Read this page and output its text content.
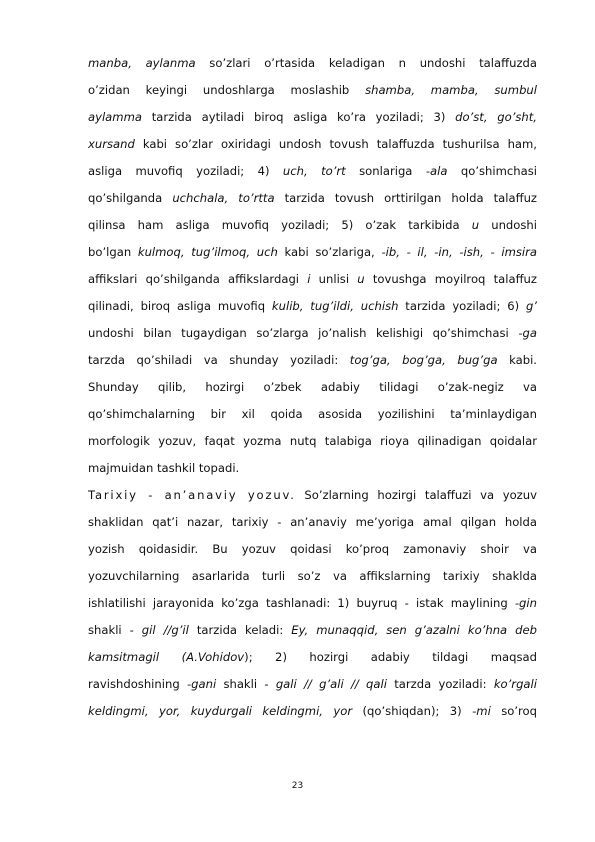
manba, aylanma so’zlari o’rtasida keladigan n undoshi talaffuzda
o’zidan keyingi undoshlarga moslashib shamba, mamba, sumbul
aylamma tarzida aytiladi biroq asliga ko’ra yoziladi; 3) do’st, go’sht,
xursand kabi so’zlar oxiridagi undosh tovush talaffuzda tushurilsa ham,
asliga muvofiq yoziladi; 4) uch, to’rt sonlariga -ala qo’shimchasi
qo’shilganda uchchala, to’rtta tarzida tovush orttirilgan holda talaffuz
qilinsa ham asliga muvofiq yoziladi; 5) o’zak tarkibida u undoshi
bo’lgan kulmoq, tug’ilmoq, uch kabi so’zlariga, -ib, - il, -in, -ish, - imsira
affikslari qo’shilganda affikslardagi i unlisi u tovushga moyilroq talaffuz
qilinadi, biroq asliga muvofiq kulib, tug’ildi, uchish tarzida yoziladi; 6) g’
undoshi bilan tugaydigan so’zlarga jo’nalish kelishigi qo’shimchasi -ga
tarzda qo’shiladi va shunday yoziladi: tog’ga, bog’ga, bug’ga kabi.
Shunday qilib, hozirgi o’zbek adabiy tilidagi o’zak-negiz va
qo’shimchalarning bir xil qoida asosida yozilishini ta’minlaydigan
morfologik yozuv, faqat yozma nutq talabiga rioya qilinadigan qoidalar
majmuidan tashkil topadi.
Tarixiy - an’anaviy yozuv. So’zlarning hozirgi talaffuzi va yozuv
shaklidan qat’i nazar, tarixiy - an’anaviy me’yoriga amal qilgan holda
yozish qoidasidir. Bu yozuv qoidasi ko’proq zamonaviy shoir va
yozuvchilarning asarlarida turli so’z va affikslarning tarixiy shaklda
ishlatilishi jarayonida ko’zga tashlanadi: 1) buyruq - istak maylining -gin
shakli - gil //g’il tarzida keladi: Ey, munaqqid, sen g’azalni ko’hna deb
kamsitmagil (A.Vohidov); 2) hozirgi adabiy tildagi maqsad
ravishdoshining -gani shakli - gali // g’ali // qali tarzda yoziladi: ko’rgali
keldingmi, yor, kuydurgali keldingmi, yor (qo’shiqdan); 3) -mi so’roq
23
